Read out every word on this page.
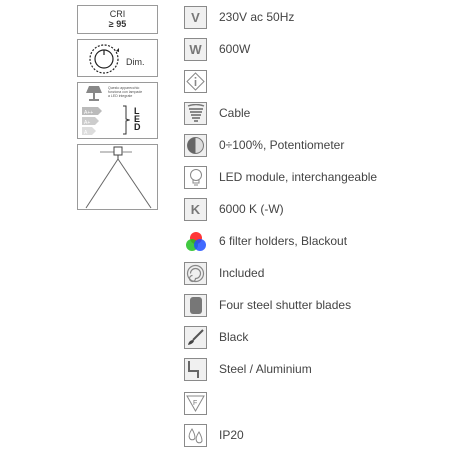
CRI
≥ 95
Dim.
Questo apparecchio
funziona con lampade
a LED integrate
A++
A+
A
L
E
D
V
W
K
F
230V ac 50Hz
600W
Cable
0÷100%, Potentiometer
LED module, interchangeable
6000 K (-W)
6 filter holders, Blackout
Included
Four steel shutter blades
Black
Steel / Aluminium
IP20
